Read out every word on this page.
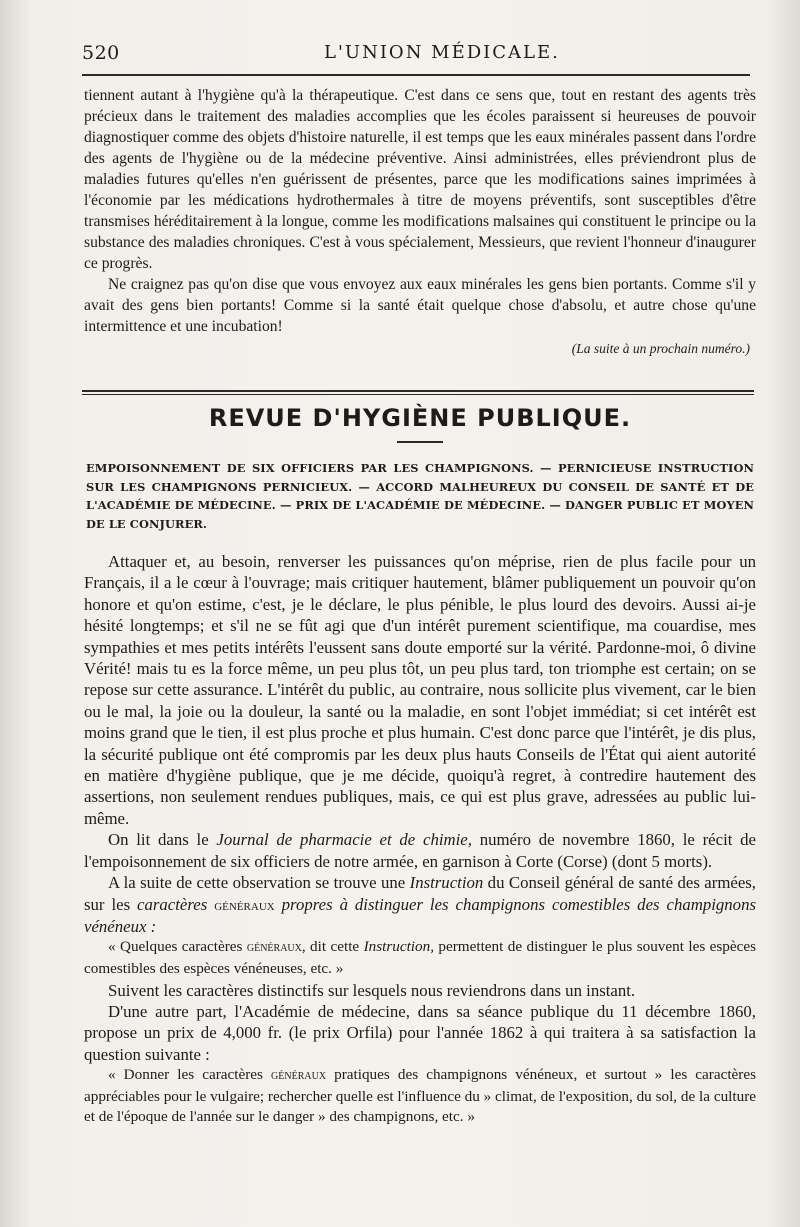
520	L'UNION MÉDICALE.

tiennent autant à l'hygiène qu'à la thérapeutique. C'est dans ce sens que, tout en restant des agents très précieux dans le traitement des maladies accomplies que les écoles paraissent si heureuses de pouvoir diagnostiquer comme des objets d'histoire naturelle, il est temps que les eaux minérales passent dans l'ordre des agents de l'hygiène ou de la médecine préventive. Ainsi administrées, elles préviendront plus de maladies futures qu'elles n'en guérissent de présentes, parce que les modifications saines imprimées à l'économie par les médications hydrothermales à titre de moyens préventifs, sont susceptibles d'être transmises héréditairement à la longue, comme les modifications malsaines qui constituent le principe ou la substance des maladies chroniques. C'est à vous spécialement, Messieurs, que revient l'honneur d'inaugurer ce progrès.

Ne craignez pas qu'on dise que vous envoyez aux eaux minérales les gens bien portants. Comme s'il y avait des gens bien portants! Comme si la santé était quelque chose d'absolu, et autre chose qu'une intermittence et une incubation!

(La suite à un prochain numéro.)

REVUE D'HYGIÈNE PUBLIQUE.
EMPOISONNEMENT DE SIX OFFICIERS PAR LES CHAMPIGNONS. — PERNICIEUSE INSTRUCTION SUR LES CHAMPIGNONS PERNICIEUX. — ACCORD MALHEUREUX DU CONSEIL DE SANTÉ ET DE L'ACADÉMIE DE MÉDECINE. — PRIX DE L'ACADÉMIE DE MÉDECINE. — DANGER PUBLIC ET MOYEN DE LE CONJURER.

Attaquer et, au besoin, renverser les puissances qu'on méprise, rien de plus facile pour un Français, il a le cœur à l'ouvrage; mais critiquer hautement, blâmer publiquement un pouvoir qu'on honore et qu'on estime, c'est, je le déclare, le plus pénible, le plus lourd des devoirs. Aussi ai-je hésité longtemps; et s'il ne se fût agi que d'un intérêt purement scientifique, ma couardise, mes sympathies et mes petits intérêts l'eussent sans doute emporté sur la vérité. Pardonne-moi, ô divine Vérité! mais tu es la force même, un peu plus tôt, un peu plus tard, ton triomphe est certain; on se repose sur cette assurance. L'intérêt du public, au contraire, nous sollicite plus vivement, car le bien ou le mal, la joie ou la douleur, la santé ou la maladie, en sont l'objet immédiat; si cet intérêt est moins grand que le tien, il est plus proche et plus humain. C'est donc parce que l'intérêt, je dis plus, la sécurité publique ont été compromis par les deux plus hauts Conseils de l'État qui aient autorité en matière d'hygiène publique, que je me décide, quoiqu'à regret, à contredire hautement des assertions, non seulement rendues publiques, mais, ce qui est plus grave, adressées au public lui-même.

On lit dans le Journal de pharmacie et de chimie, numéro de novembre 1860, le récit de l'empoisonnement de six officiers de notre armée, en garnison à Corte (Corse) (dont 5 morts).

A la suite de cette observation se trouve une Instruction du Conseil général de santé des armées, sur les caractères généraux propres à distinguer les champignons comestibles des champignons vénéneux :

« Quelques caractères généraux, dit cette Instruction, permettent de distinguer le plus souvent les espèces comestibles des espèces vénéneuses, etc. »

Suivent les caractères distinctifs sur lesquels nous reviendrons dans un instant.

D'une autre part, l'Académie de médecine, dans sa séance publique du 11 décembre 1860, propose un prix de 4,000 fr. (le prix Orfila) pour l'année 1862 à qui traitera à sa satisfaction la question suivante :

« Donner les caractères généraux pratiques des champignons vénéneux, et surtout » les caractères appréciables pour le vulgaire; rechercher quelle est l'influence du » climat, de l'exposition, du sol, de la culture et de l'époque de l'année sur le danger » des champignons, etc. »
